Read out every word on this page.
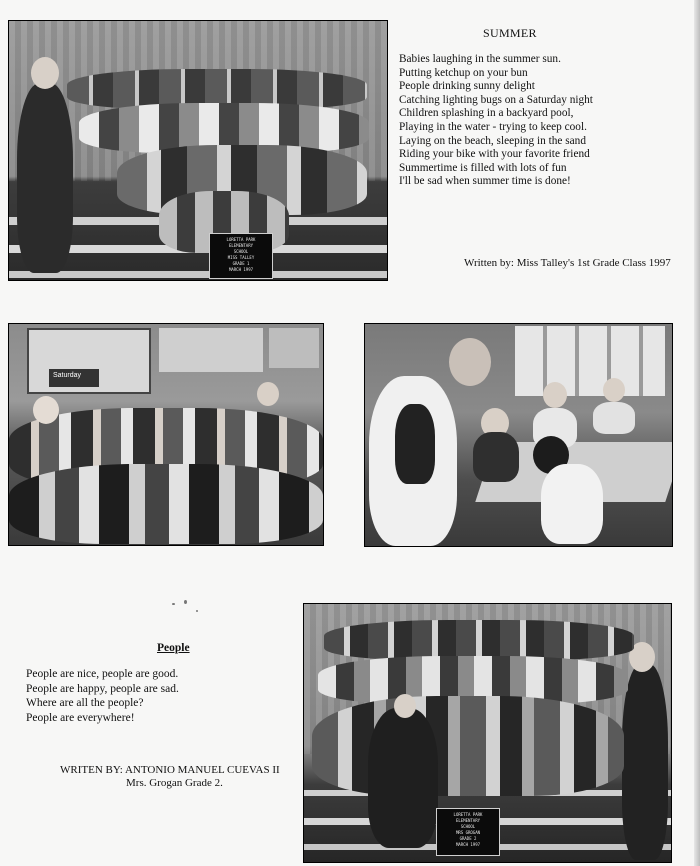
LORETTA PARK
ELEMENTARY
SCHOOL
MISS TALLEY
GRADE 1
MARCH 1997
SUMMER
Babies laughing in the summer sun.
Putting ketchup on your bun
People drinking sunny delight
Catching lighting bugs on a Saturday night
Children splashing in a backyard pool,
Playing in the water - trying to keep cool.
Laying on the beach, sleeping in the sand
Riding your bike with your favorite friend
Summertime is filled with lots of fun
I'll be sad when summer time is done!
Written by: Miss Talley's 1st Grade Class 1997
Saturday
People
People are nice, people are good.
People are happy, people are sad.
Where are all the people?
People are everywhere!
WRITEN BY: ANTONIO MANUEL CUEVAS II
Mrs. Grogan Grade 2.
LORETTA PARK
ELEMENTARY
SCHOOL
MRS GROGAN
GRADE 2
MARCH 1997
